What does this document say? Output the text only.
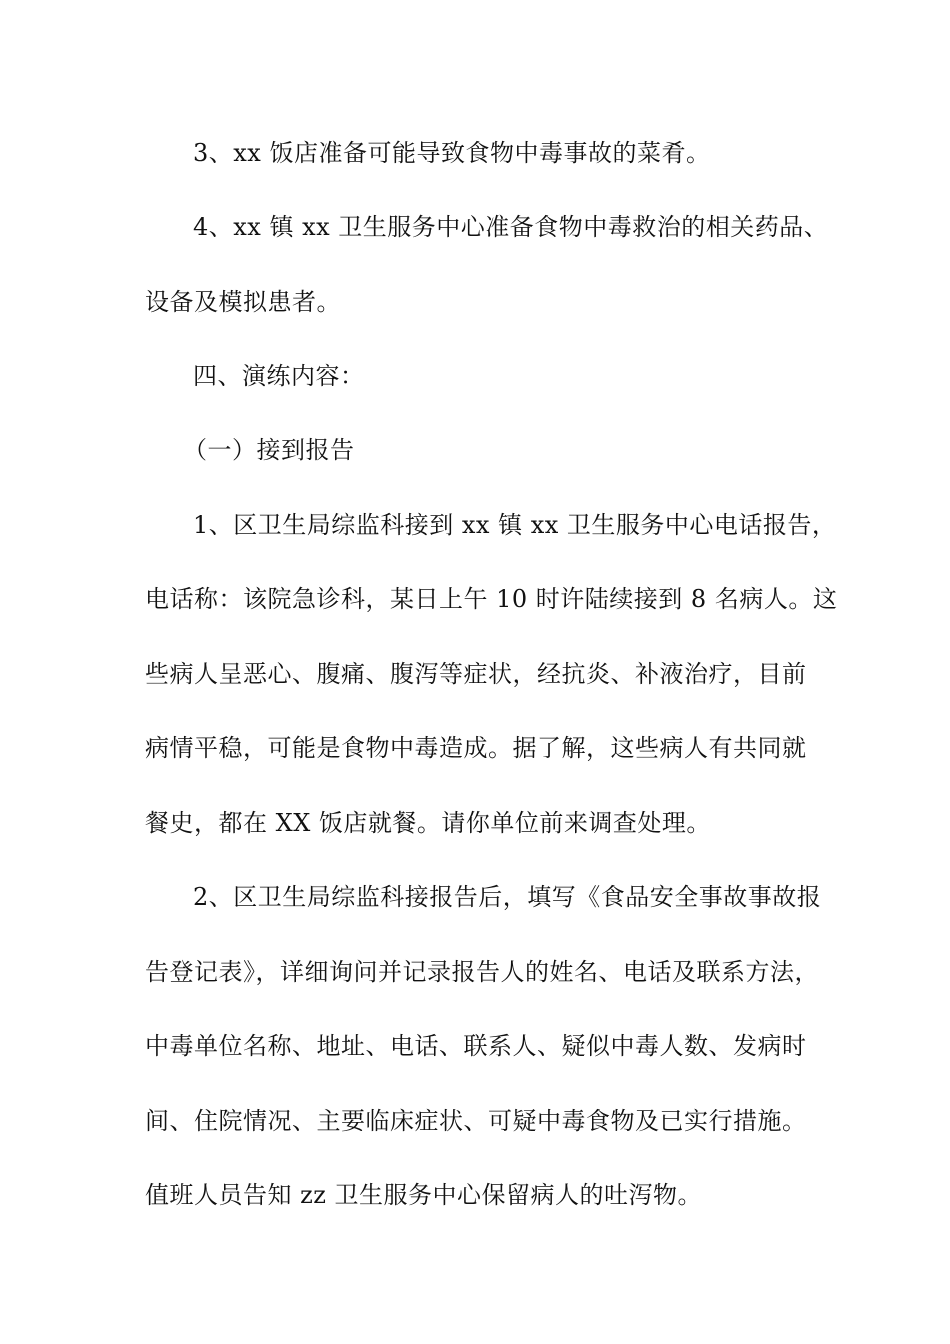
3、xx 饭店准备可能导致食物中毒事故的菜肴。
4、xx 镇 xx 卫生服务中心准备食物中毒救治的相关药品、
设备及模拟患者。
四、演练内容：
（一）接到报告
1、区卫生局综监科接到 xx 镇 xx 卫生服务中心电话报告，
电话称：该院急诊科，某日上午 10 时许陆续接到 8 名病人。这
些病人呈恶心、腹痛、腹泻等症状，经抗炎、补液治疗，目前
病情平稳，可能是食物中毒造成。据了解，这些病人有共同就
餐史，都在 XX 饭店就餐。请你单位前来调查处理。
2、区卫生局综监科接报告后，填写《食品安全事故事故报
告登记表》，详细询问并记录报告人的姓名、电话及联系方法，
中毒单位名称、地址、电话、联系人、疑似中毒人数、发病时
间、住院情况、主要临床症状、可疑中毒食物及已实行措施。
值班人员告知 zz 卫生服务中心保留病人的吐泻物。
